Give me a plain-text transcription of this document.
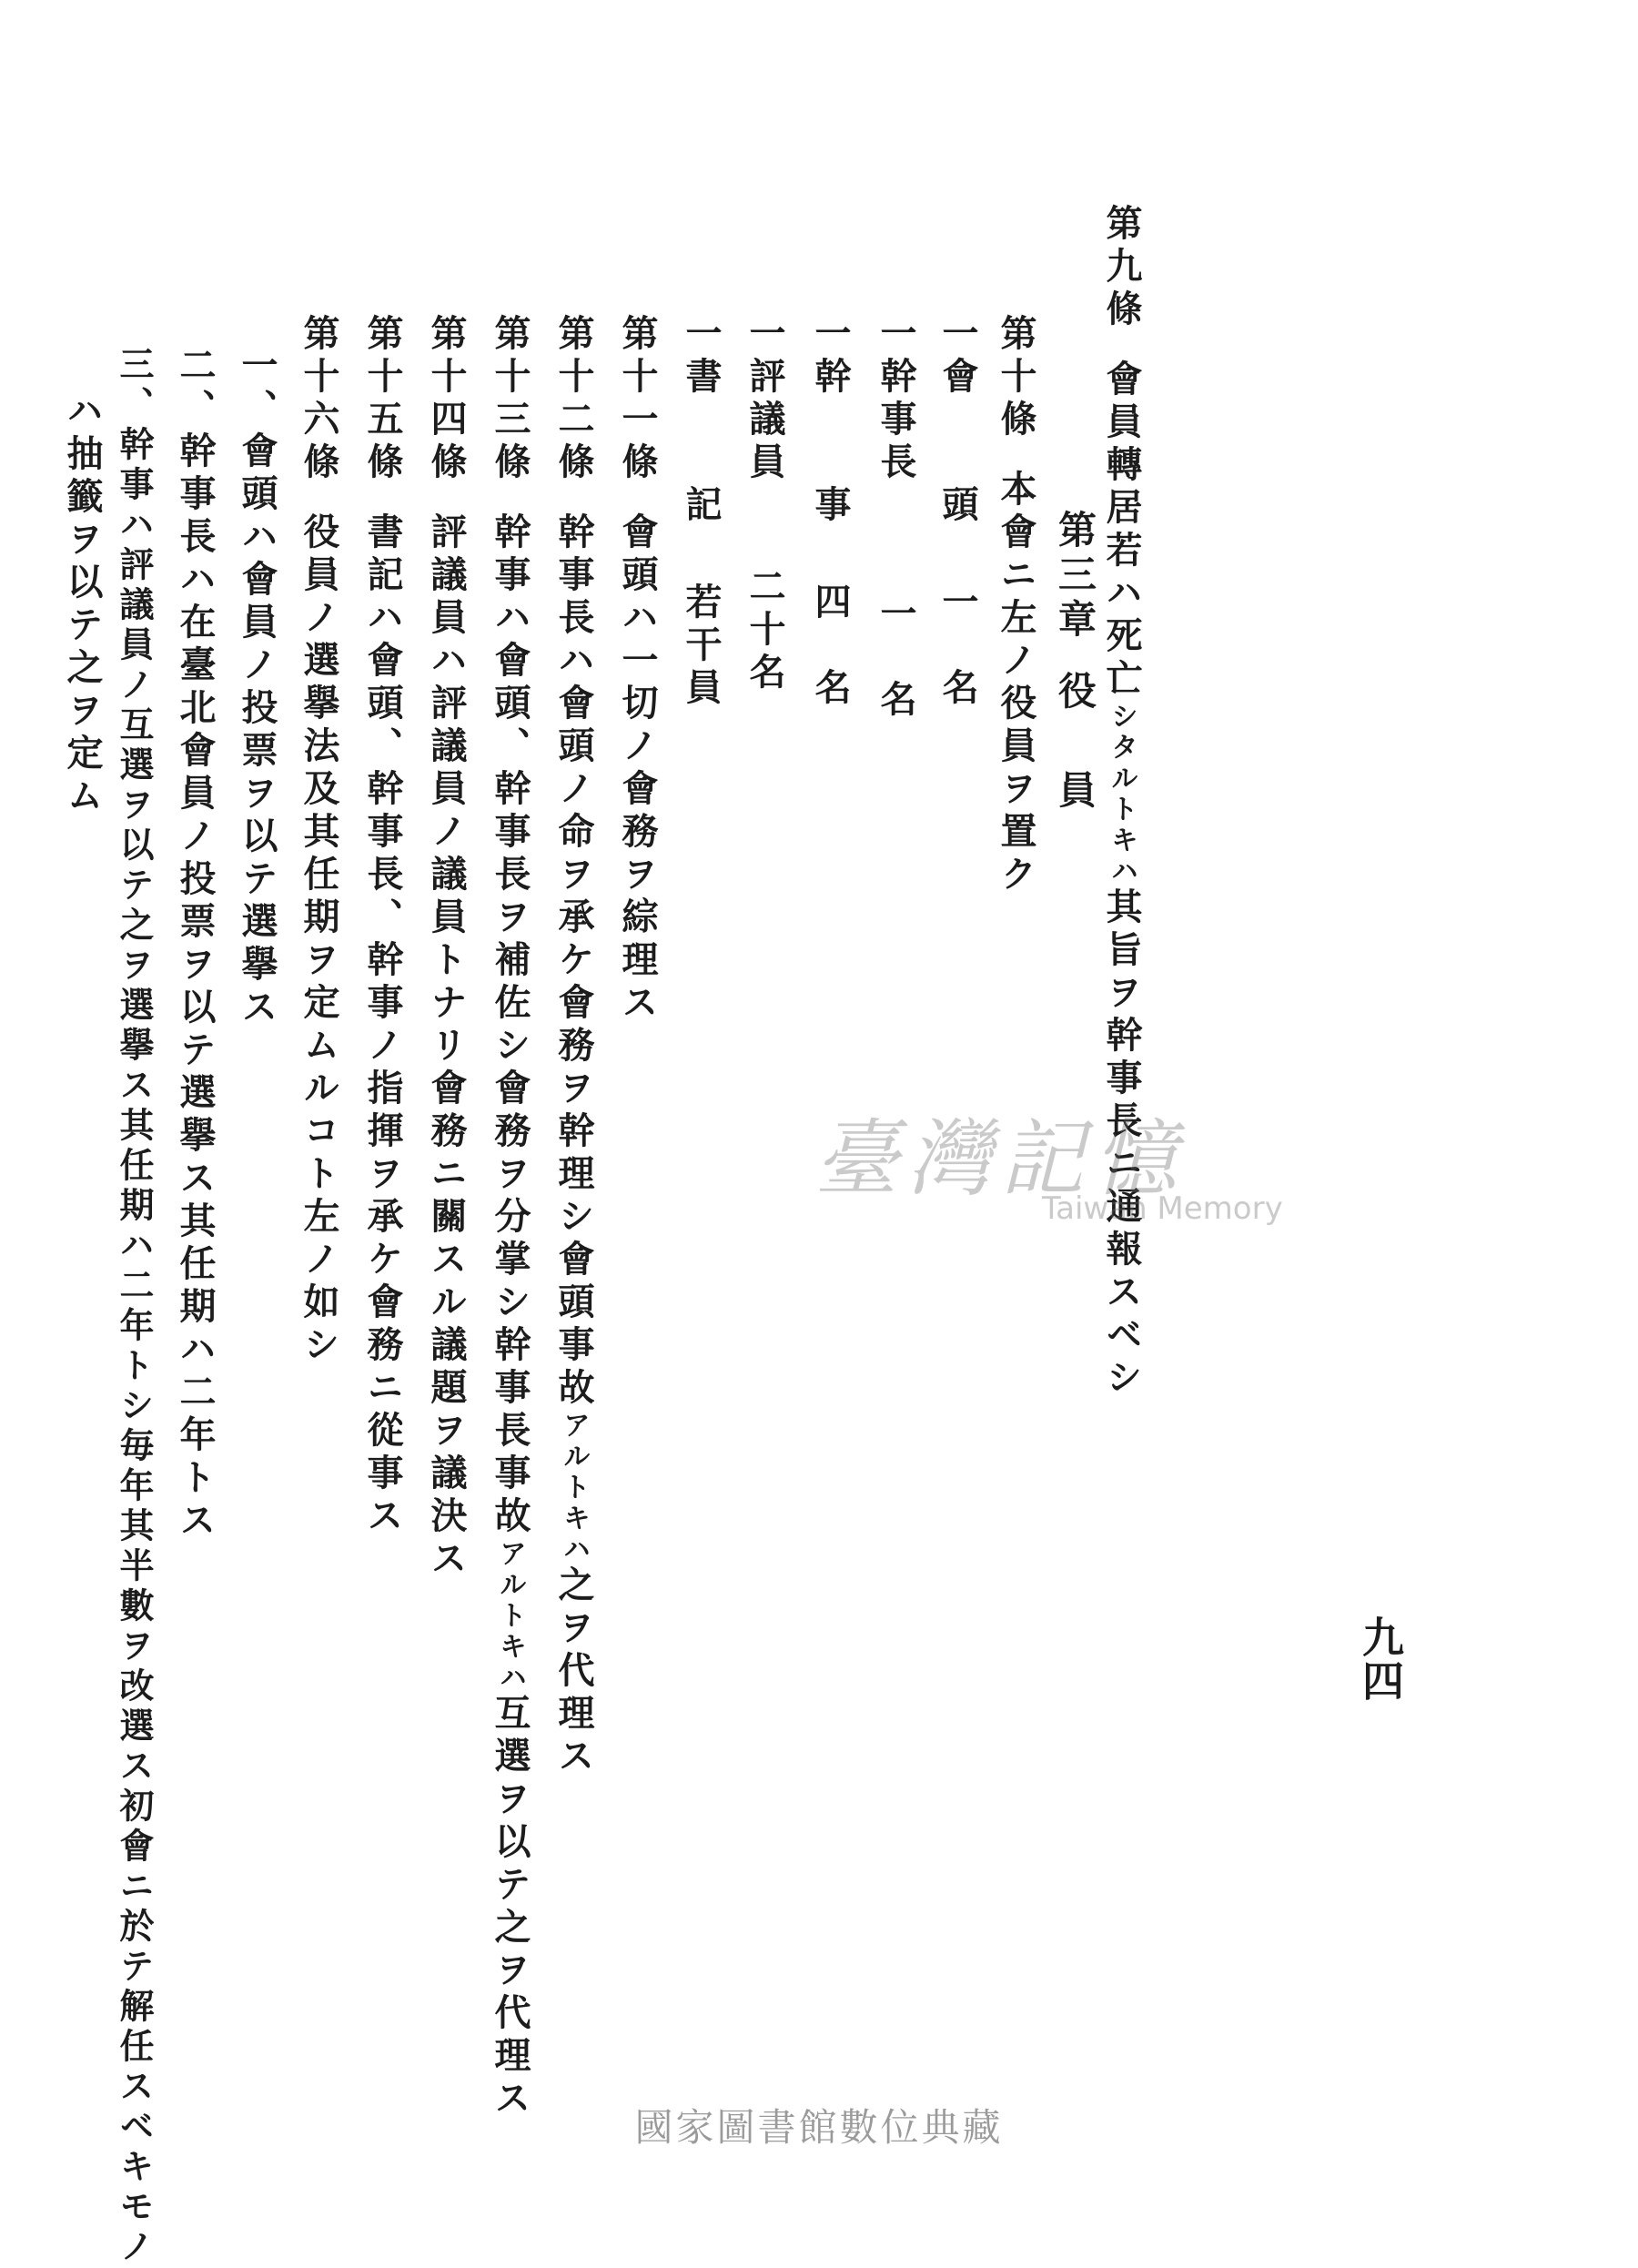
九四
第九條會員轉居若ハ死亡シタルトキハ其旨ヲ幹事長ニ通報スベシ
第三章役員
第十條本會ニ左ノ役員ヲ置ク
一會　　頭一　名
一幹事長一　名
一幹　　事四　名
一評議員二十名
一書　　記若干員
第十一條會頭ハ一切ノ會務ヲ綜理ス
第十二條幹事長ハ會頭ノ命ヲ承ケ會務ヲ幹理シ會頭事故アルトキハ之ヲ代理ス
第十三條幹事ハ會頭、幹事長ヲ補佐シ會務ヲ分掌シ幹事長事故アルトキハ互選ヲ以テ之ヲ代理ス
第十四條評議員ハ評議員ノ議員トナリ會務ニ關スル議題ヲ議決ス
第十五條書記ハ會頭、幹事長、幹事ノ指揮ヲ承ケ會務ニ從事ス
第十六條役員ノ選擧法及其任期ヲ定ムルコト左ノ如シ
一、會頭ハ會員ノ投票ヲ以テ選擧ス
二、幹事長ハ在臺北會員ノ投票ヲ以テ選擧ス其任期ハ二年トス
三、幹事ハ評議員ノ互選ヲ以テ之ヲ選擧ス其任期ハ二年トシ毎年其半數ヲ改選ス初會ニ於テ解任スベキモノ
ハ抽籤ヲ以テ之ヲ定ム
臺灣記憶
Taiwan Memory
國家圖書館數位典藏
